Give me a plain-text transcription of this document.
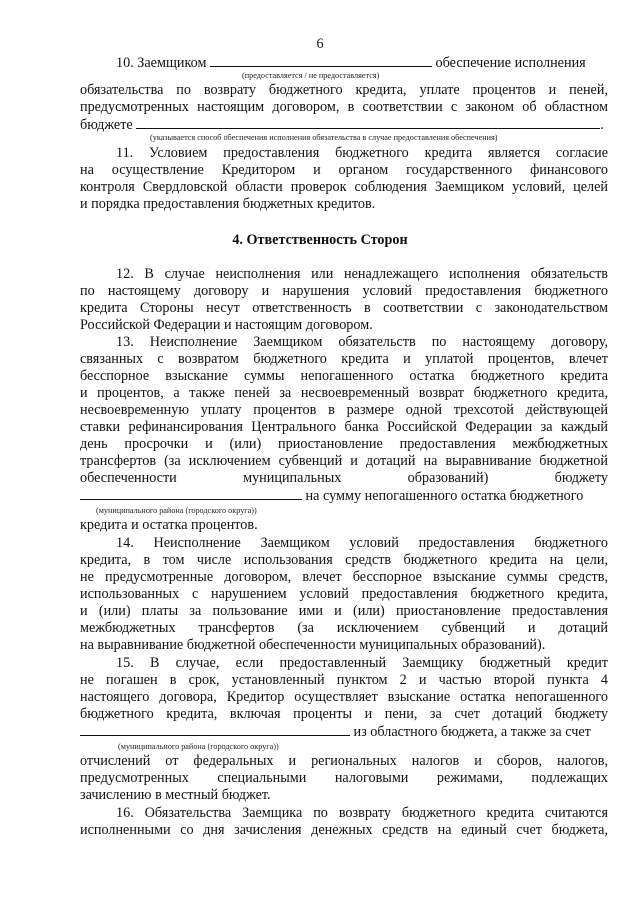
6
10. Заемщиком	обеспечение исполнения
(предоставляется / не предоставляется)
обязательства по возврату бюджетного кредита, уплате процентов и пеней,
предусмотренных настоящим договором, в соответствии с законом об областном
бюджете	.
(указывается способ обеспечения исполнения обязательства в случае предоставления обеспечения)
11. Условием предоставления бюджетного кредита является согласие
на осуществление Кредитором и органом государственного финансового
контроля Свердловской области проверок соблюдения Заемщиком условий, целей
и порядка предоставления бюджетных кредитов.
4. Ответственность Сторон
12. В случае неисполнения или ненадлежащего исполнения обязательств
по настоящему договору и нарушения условий предоставления бюджетного
кредита Стороны несут ответственность в соответствии с законодательством
Российской Федерации и настоящим договором.
13. Неисполнение Заемщиком обязательств по настоящему договору,
связанных с возвратом бюджетного кредита и уплатой процентов, влечет
бесспорное взыскание суммы непогашенного остатка бюджетного кредита
и процентов, а также пеней за несвоевременный возврат бюджетного кредита,
несвоевременную уплату процентов в размере одной трехсотой действующей
ставки рефинансирования Центрального банка Российской Федерации за каждый
день просрочки и (или) приостановление предоставления межбюджетных
трансфертов (за исключением субвенций и дотаций на выравнивание бюджетной
обеспеченности муниципальных образований) бюджету
на сумму непогашенного остатка бюджетного
(муниципального района (городского округа))
кредита и остатка процентов.
14. Неисполнение Заемщиком условий предоставления бюджетного
кредита, в том числе использования средств бюджетного кредита на цели,
не предусмотренные договором, влечет бесспорное взыскание суммы средств,
использованных с нарушением условий предоставления бюджетного кредита,
и (или) платы за пользование ими и (или) приостановление предоставления
межбюджетных трансфертов (за исключением субвенций и дотаций
на выравнивание бюджетной обеспеченности муниципальных образований).
15. В случае, если предоставленный Заемщику бюджетный кредит
не погашен в срок, установленный пунктом 2 и частью второй пункта 4
настоящего договора, Кредитор осуществляет взыскание остатка непогашенного
бюджетного кредита, включая проценты и пени, за счет дотаций бюджету
из областного бюджета, а также за счет
(муниципального района (городского округа))
отчислений от федеральных и региональных налогов и сборов, налогов,
предусмотренных специальными налоговыми режимами, подлежащих
зачислению в местный бюджет.
16. Обязательства Заемщика по возврату бюджетного кредита считаются
исполненными со дня зачисления денежных средств на единый счет бюджета,
